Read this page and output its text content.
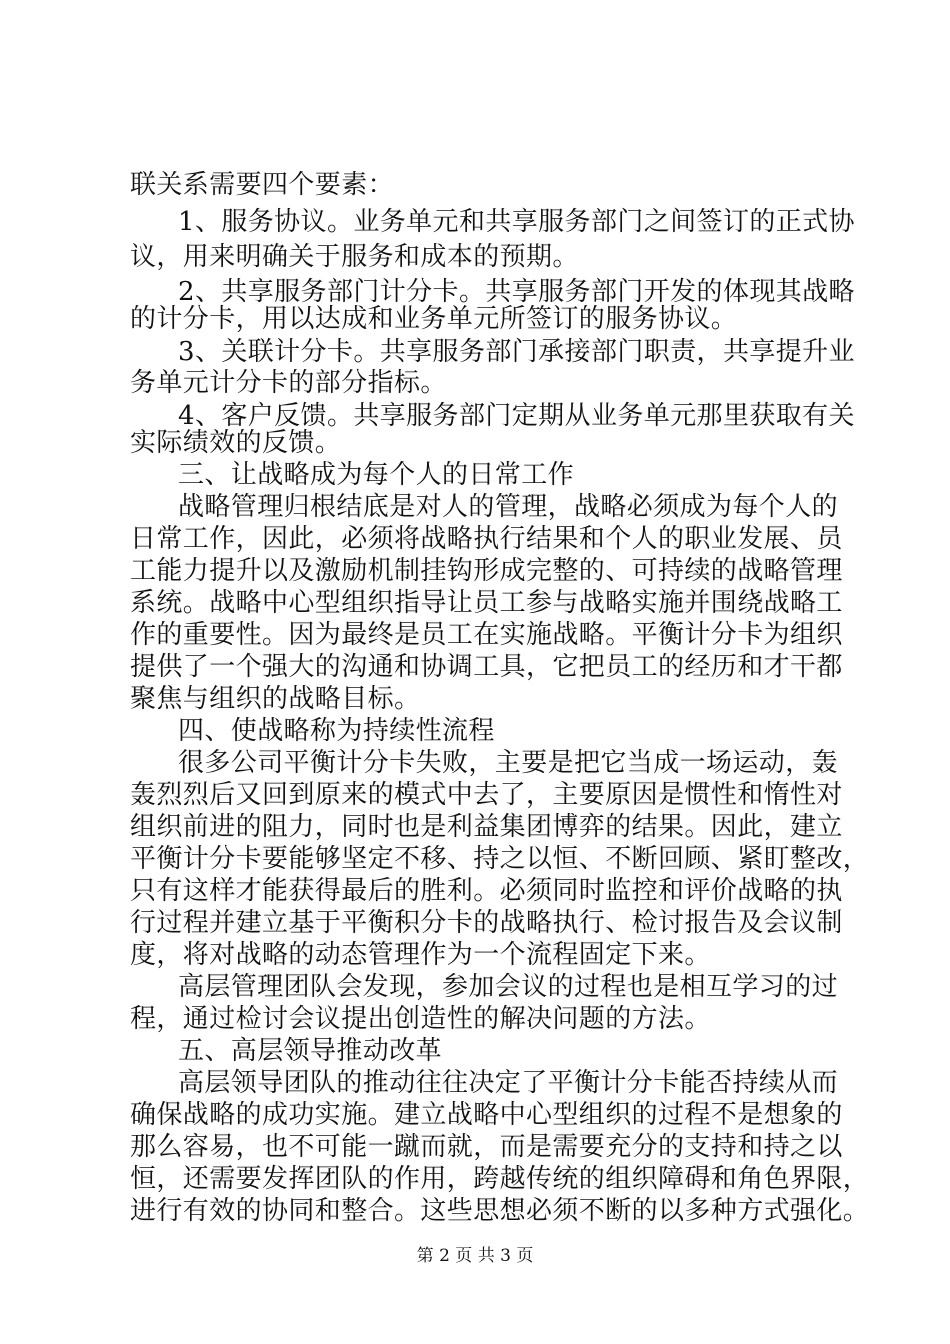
联关系需要四个要素：
1、服务协议。业务单元和共享服务部门之间签订的正式协
议，用来明确关于服务和成本的预期。
2、共享服务部门计分卡。共享服务部门开发的体现其战略
的计分卡，用以达成和业务单元所签订的服务协议。
3、关联计分卡。共享服务部门承接部门职责，共享提升业
务单元计分卡的部分指标。
4、客户反馈。共享服务部门定期从业务单元那里获取有关
实际绩效的反馈。
三、让战略成为每个人的日常工作
战略管理归根结底是对人的管理，战略必须成为每个人的
日常工作，因此，必须将战略执行结果和个人的职业发展、员
工能力提升以及激励机制挂钩形成完整的、可持续的战略管理
系统。战略中心型组织指导让员工参与战略实施并围绕战略工
作的重要性。因为最终是员工在实施战略。平衡计分卡为组织
提供了一个强大的沟通和协调工具，它把员工的经历和才干都
聚焦与组织的战略目标。
四、使战略称为持续性流程
很多公司平衡计分卡失败，主要是把它当成一场运动，轰
轰烈烈后又回到原来的模式中去了，主要原因是惯性和惰性对
组织前进的阻力，同时也是利益集团博弈的结果。因此，建立
平衡计分卡要能够坚定不移、持之以恒、不断回顾、紧盯整改，
只有这样才能获得最后的胜利。必须同时监控和评价战略的执
行过程并建立基于平衡积分卡的战略执行、检讨报告及会议制
度，将对战略的动态管理作为一个流程固定下来。
高层管理团队会发现，参加会议的过程也是相互学习的过
程，通过检讨会议提出创造性的解决问题的方法。
五、高层领导推动改革
高层领导团队的推动往往决定了平衡计分卡能否持续从而
确保战略的成功实施。建立战略中心型组织的过程不是想象的
那么容易，也不可能一蹴而就，而是需要充分的支持和持之以
恒，还需要发挥团队的作用，跨越传统的组织障碍和角色界限，
进行有效的协同和整合。这些思想必须不断的以多种方式强化。
第 2 页 共 3 页
